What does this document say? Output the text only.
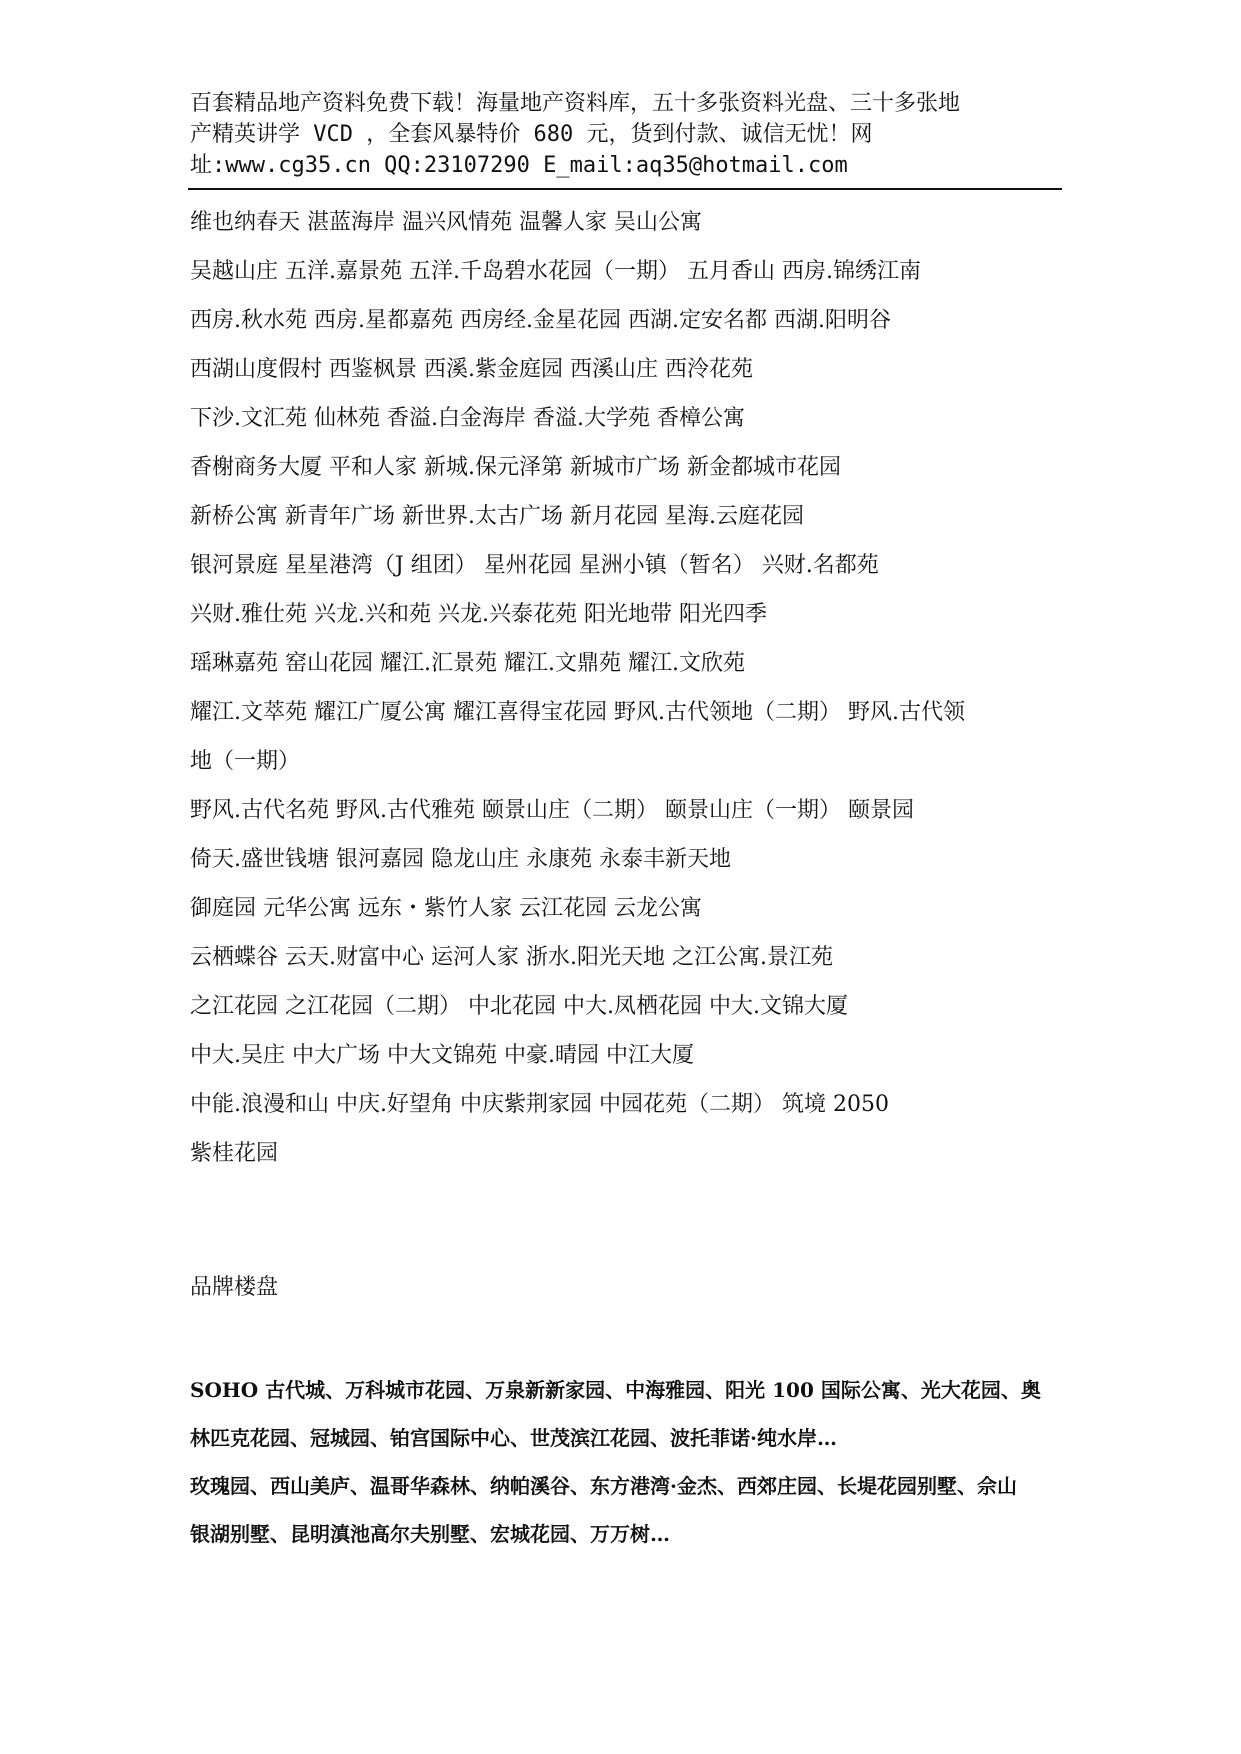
百套精品地产资料免费下载！海量地产资料库，五十多张资料光盘、三十多张地
产精英讲学 VCD ，全套风暴特价 680 元，货到付款、诚信无忧！网
址:www.cg35.cn QQ:23107290 E_mail:aq35@hotmail.com
维也纳春天 湛蓝海岸 温兴风情苑 温馨人家 吴山公寓
吴越山庄 五洋.嘉景苑 五洋.千岛碧水花园（一期） 五月香山 西房.锦绣江南
西房.秋水苑 西房.星都嘉苑 西房经.金星花园 西湖.定安名都 西湖.阳明谷
西湖山度假村 西鉴枫景 西溪.紫金庭园 西溪山庄 西泠花苑
下沙.文汇苑 仙林苑 香溢.白金海岸 香溢.大学苑 香樟公寓
香榭商务大厦 平和人家 新城.保元泽第 新城市广场 新金都城市花园
新桥公寓 新青年广场 新世界.太古广场 新月花园 星海.云庭花园
银河景庭 星星港湾（J 组团） 星州花园 星洲小镇（暂名） 兴财.名都苑
兴财.雅仕苑 兴龙.兴和苑 兴龙.兴泰花苑 阳光地带 阳光四季
瑶琳嘉苑 窑山花园 耀江.汇景苑 耀江.文鼎苑 耀江.文欣苑
耀江.文萃苑 耀江广厦公寓 耀江喜得宝花园 野风.古代领地（二期） 野风.古代领
地（一期）
野风.古代名苑 野风.古代雅苑 颐景山庄（二期） 颐景山庄（一期） 颐景园
倚天.盛世钱塘 银河嘉园 隐龙山庄 永康苑 永泰丰新天地
御庭园 元华公寓 远东・紫竹人家 云江花园 云龙公寓
云栖蝶谷 云天.财富中心 运河人家 浙水.阳光天地 之江公寓.景江苑
之江花园 之江花园（二期） 中北花园 中大.凤栖花园 中大.文锦大厦
中大.吴庄 中大广场 中大文锦苑 中豪.晴园 中江大厦
中能.浪漫和山 中庆.好望角 中庆紫荆家园 中园花苑（二期） 筑境 2050
紫桂花园
品牌楼盘
SOHO 古代城、万科城市花园、万泉新新家园、中海雅园、阳光 100 国际公寓、光大花园、奥
林匹克花园、冠城园、铂宫国际中心、世茂滨江花园、波托菲诺·纯水岸…
玫瑰园、西山美庐、温哥华森林、纳帕溪谷、东方港湾·金杰、西郊庄园、长堤花园别墅、佘山
银湖别墅、昆明滇池高尔夫别墅、宏城花园、万万树…
